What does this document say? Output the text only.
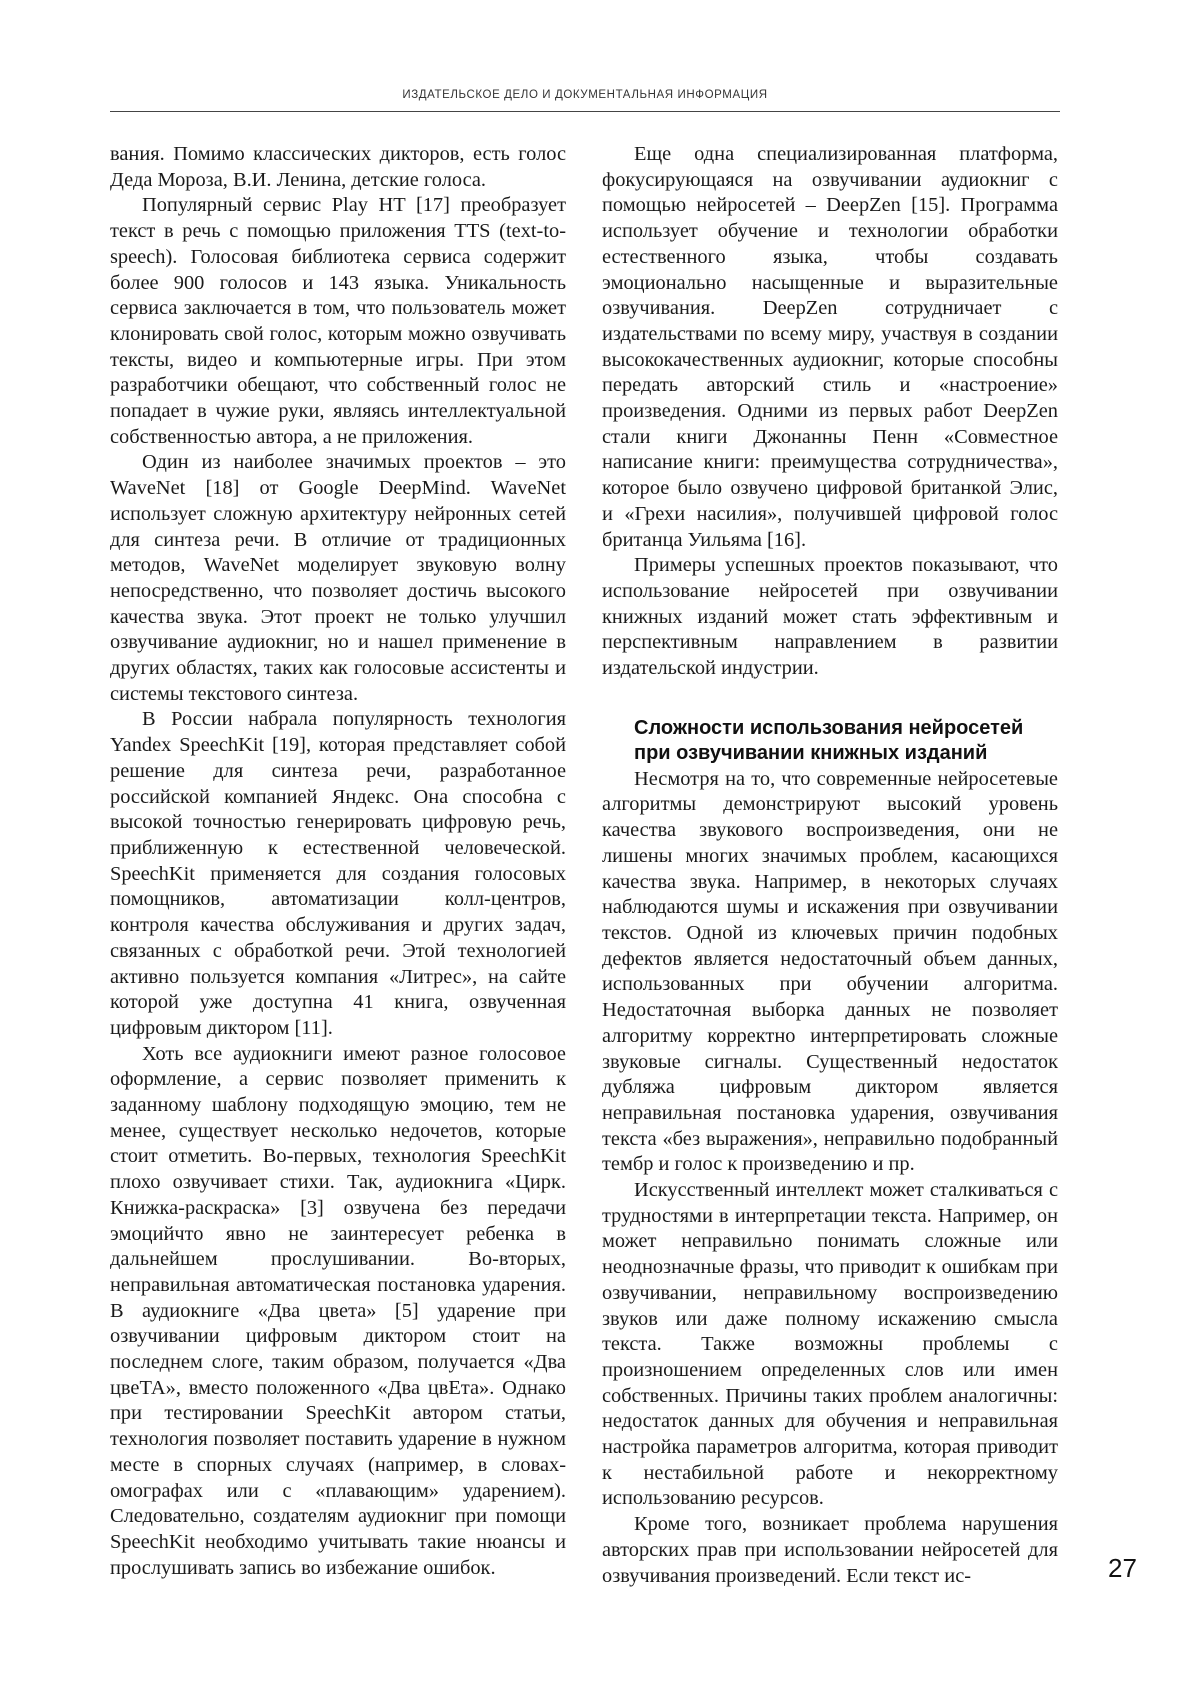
ИЗДАТЕЛЬСКОЕ ДЕЛО И ДОКУМЕНТАЛЬНАЯ ИНФОРМАЦИЯ

вания. Помимо классических дикторов, есть голос Деда Мороза, В.И. Ленина, детские голоса.

Популярный сервис Play HT [17] преобразует текст в речь с помощью приложения TTS (text-to-speech). Голосовая библиотека сервиса содержит более 900 голосов и 143 языка. Уникальность сервиса заключается в том, что пользователь может клонировать свой голос, которым можно озвучивать тексты, видео и компьютерные игры. При этом разработчики обещают, что собственный голос не попадает в чужие руки, являясь интеллектуальной собственностью автора, а не приложения.

Один из наиболее значимых проектов – это WaveNet [18] от Google DeepMind. WaveNet использует сложную архитектуру нейронных сетей для синтеза речи. В отличие от традиционных методов, WaveNet моделирует звуковую волну непосредственно, что позволяет достичь высокого качества звука. Этот проект не только улучшил озвучивание аудиокниг, но и нашел применение в других областях, таких как голосовые ассистенты и системы текстового синтеза.

В России набрала популярность технология Yandex SpeechKit [19], которая представляет собой решение для синтеза речи, разработанное российской компанией Яндекс. Она способна с высокой точностью генерировать цифровую речь, приближенную к естественной человеческой. SpeechKit применяется для создания голосовых помощников, автоматизации колл-центров, контроля качества обслуживания и других задач, связанных с обработкой речи. Этой технологией активно пользуется компания «Литрес», на сайте которой уже доступна 41 книга, озвученная цифровым диктором [11].

Хоть все аудиокниги имеют разное голосовое оформление, а сервис позволяет применить к заданному шаблону подходящую эмоцию, тем не менее, существует несколько недочетов, которые стоит отметить. Во-первых, технология SpeechKit плохо озвучивает стихи. Так, аудиокнига «Цирк. Книжка-раскраска» [3] озвучена без передачи эмоцийчто явно не заинтересует ребенка в дальнейшем прослушивании. Во-вторых, неправильная автоматическая постановка ударения. В аудиокниге «Два цвета» [5] ударение при озвучивании цифровым диктором стоит на последнем слоге, таким образом, получается «Два цвеТА», вместо положенного «Два цвЕта». Однако при тестировании SpeechKit автором статьи, технология позволяет поставить ударение в нужном месте в спорных случаях (например, в словах-омографах или с «плавающим» ударением). Следовательно, создателям аудиокниг при помощи SpeechKit необходимо учитывать такие нюансы и прослушивать запись во избежание ошибок.

Еще одна специализированная платформа, фокусирующаяся на озвучивании аудиокниг с помощью нейросетей – DeepZen [15]. Программа использует обучение и технологии обработки естественного языка, чтобы создавать эмоционально насыщенные и выразительные озвучивания. DeepZen сотрудничает с издательствами по всему миру, участвуя в создании высококачественных аудиокниг, которые способны передать авторский стиль и «настроение» произведения. Одними из первых работ DeepZen стали книги Джонанны Пенн «Совместное написание книги: преимущества сотрудничества», которое было озвучено цифровой британкой Элис, и «Грехи насилия», получившей цифровой голос британца Уильяма [16].

Примеры успешных проектов показывают, что использование нейросетей при озвучивании книжных изданий может стать эффективным и перспективным направлением в развитии издательской индустрии.

Сложности использования нейросетей при озвучивании книжных изданий

Несмотря на то, что современные нейросетевые алгоритмы демонстрируют высокий уровень качества звукового воспроизведения, они не лишены многих значимых проблем, касающихся качества звука. Например, в некоторых случаях наблюдаются шумы и искажения при озвучивании текстов. Одной из ключевых причин подобных дефектов является недостаточный объем данных, использованных при обучении алгоритма. Недостаточная выборка данных не позволяет алгоритму корректно интерпретировать сложные звуковые сигналы. Существенный недостаток дубляжа цифровым диктором является неправильная постановка ударения, озвучивания текста «без выражения», неправильно подобранный тембр и голос к произведению и пр.

Искусственный интеллект может сталкиваться с трудностями в интерпретации текста. Например, он может неправильно понимать сложные или неоднозначные фразы, что приводит к ошибкам при озвучивании, неправильному воспроизведению звуков или даже полному искажению смысла текста. Также возможны проблемы с произношением определенных слов или имен собственных. Причины таких проблем аналогичны: недостаток данных для обучения и неправильная настройка параметров алгоритма, которая приводит к нестабильной работе и некорректному использованию ресурсов.

Кроме того, возникает проблема нарушения авторских прав при использовании нейросетей для озвучивания произведений. Если текст ис-	27
